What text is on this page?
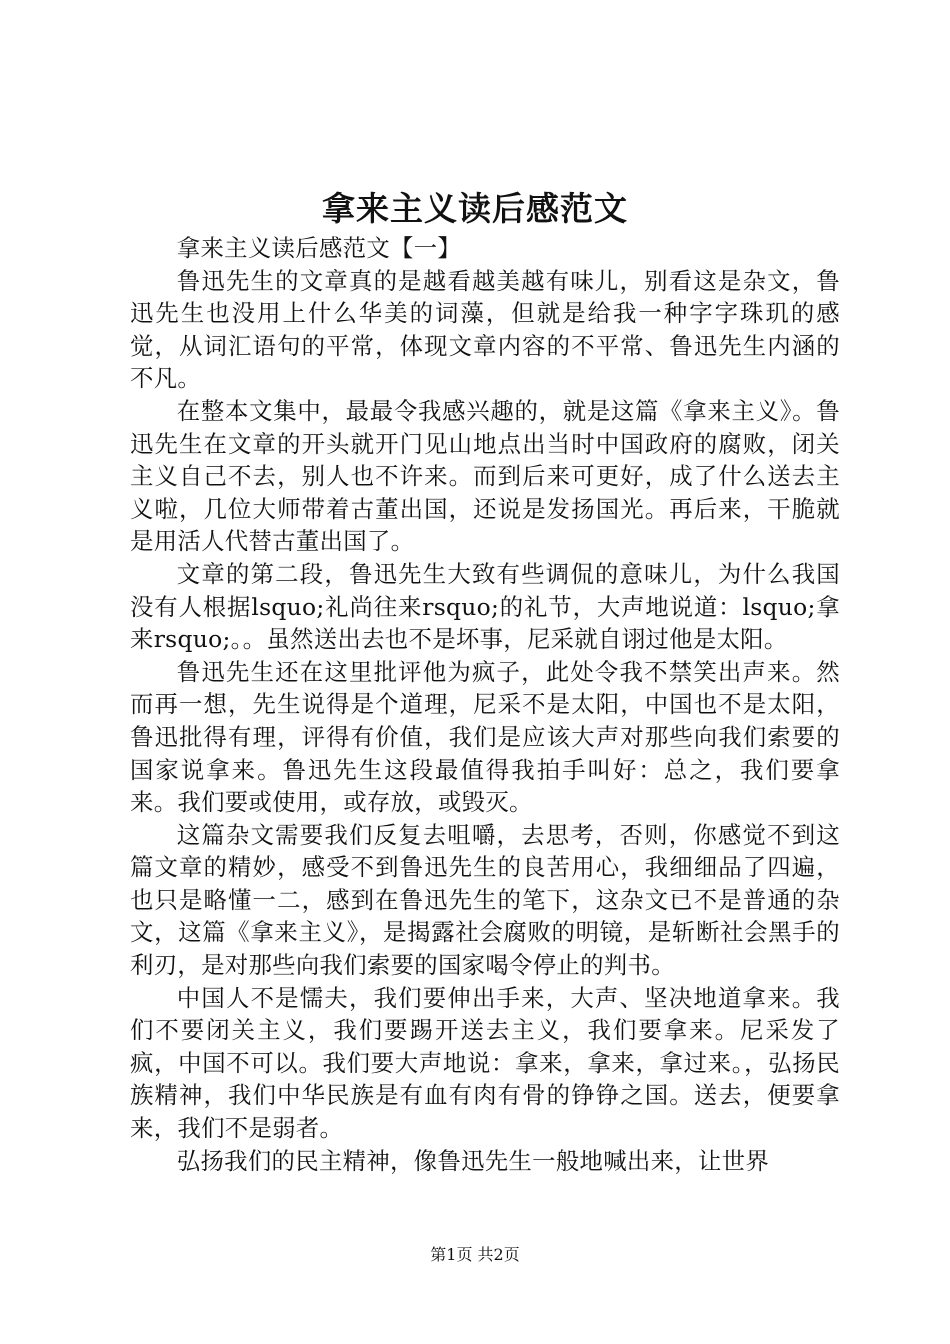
拿来主义读后感范文

拿来主义读后感范文【一】

鲁迅先生的文章真的是越看越美越有味儿，别看这是杂文，鲁迅先生也没用上什么华美的词藻，但就是给我一种字字珠玑的感觉，从词汇语句的平常，体现文章内容的不平常、鲁迅先生内涵的不凡。

在整本文集中，最最令我感兴趣的，就是这篇《拿来主义》。鲁迅先生在文章的开头就开门见山地点出当时中国政府的腐败，闭关主义自己不去，别人也不许来。而到后来可更好，成了什么送去主义啦，几位大师带着古董出国，还说是发扬国光。再后来，干脆就是用活人代替古董出国了。

文章的第二段，鲁迅先生大致有些调侃的意味儿，为什么我国没有人根据lsquo;礼尚往来rsquo;的礼节，大声地说道：lsquo;拿来rsquo;。。虽然送出去也不是坏事，尼采就自诩过他是太阳。

鲁迅先生还在这里批评他为疯子，此处令我不禁笑出声来。然而再一想，先生说得是个道理，尼采不是太阳，中国也不是太阳，鲁迅批得有理，评得有价值，我们是应该大声对那些向我们索要的国家说拿来。鲁迅先生这段最值得我拍手叫好：总之，我们要拿来。我们要或使用，或存放，或毁灭。

这篇杂文需要我们反复去咀嚼，去思考，否则，你感觉不到这篇文章的精妙，感受不到鲁迅先生的良苦用心，我细细品了四遍，也只是略懂一二，感到在鲁迅先生的笔下，这杂文已不是普通的杂文，这篇《拿来主义》，是揭露社会腐败的明镜，是斩断社会黑手的利刃，是对那些向我们索要的国家喝令停止的判书。

中国人不是懦夫，我们要伸出手来，大声、坚决地道拿来。我们不要闭关主义，我们要踢开送去主义，我们要拿来。尼采发了疯，中国不可以。我们要大声地说：拿来，拿来，拿过来。，弘扬民族精神，我们中华民族是有血有肉有骨的铮铮之国。送去，便要拿来，我们不是弱者。

弘扬我们的民主精神，像鲁迅先生一般地喊出来，让世界

第1页 共2页
